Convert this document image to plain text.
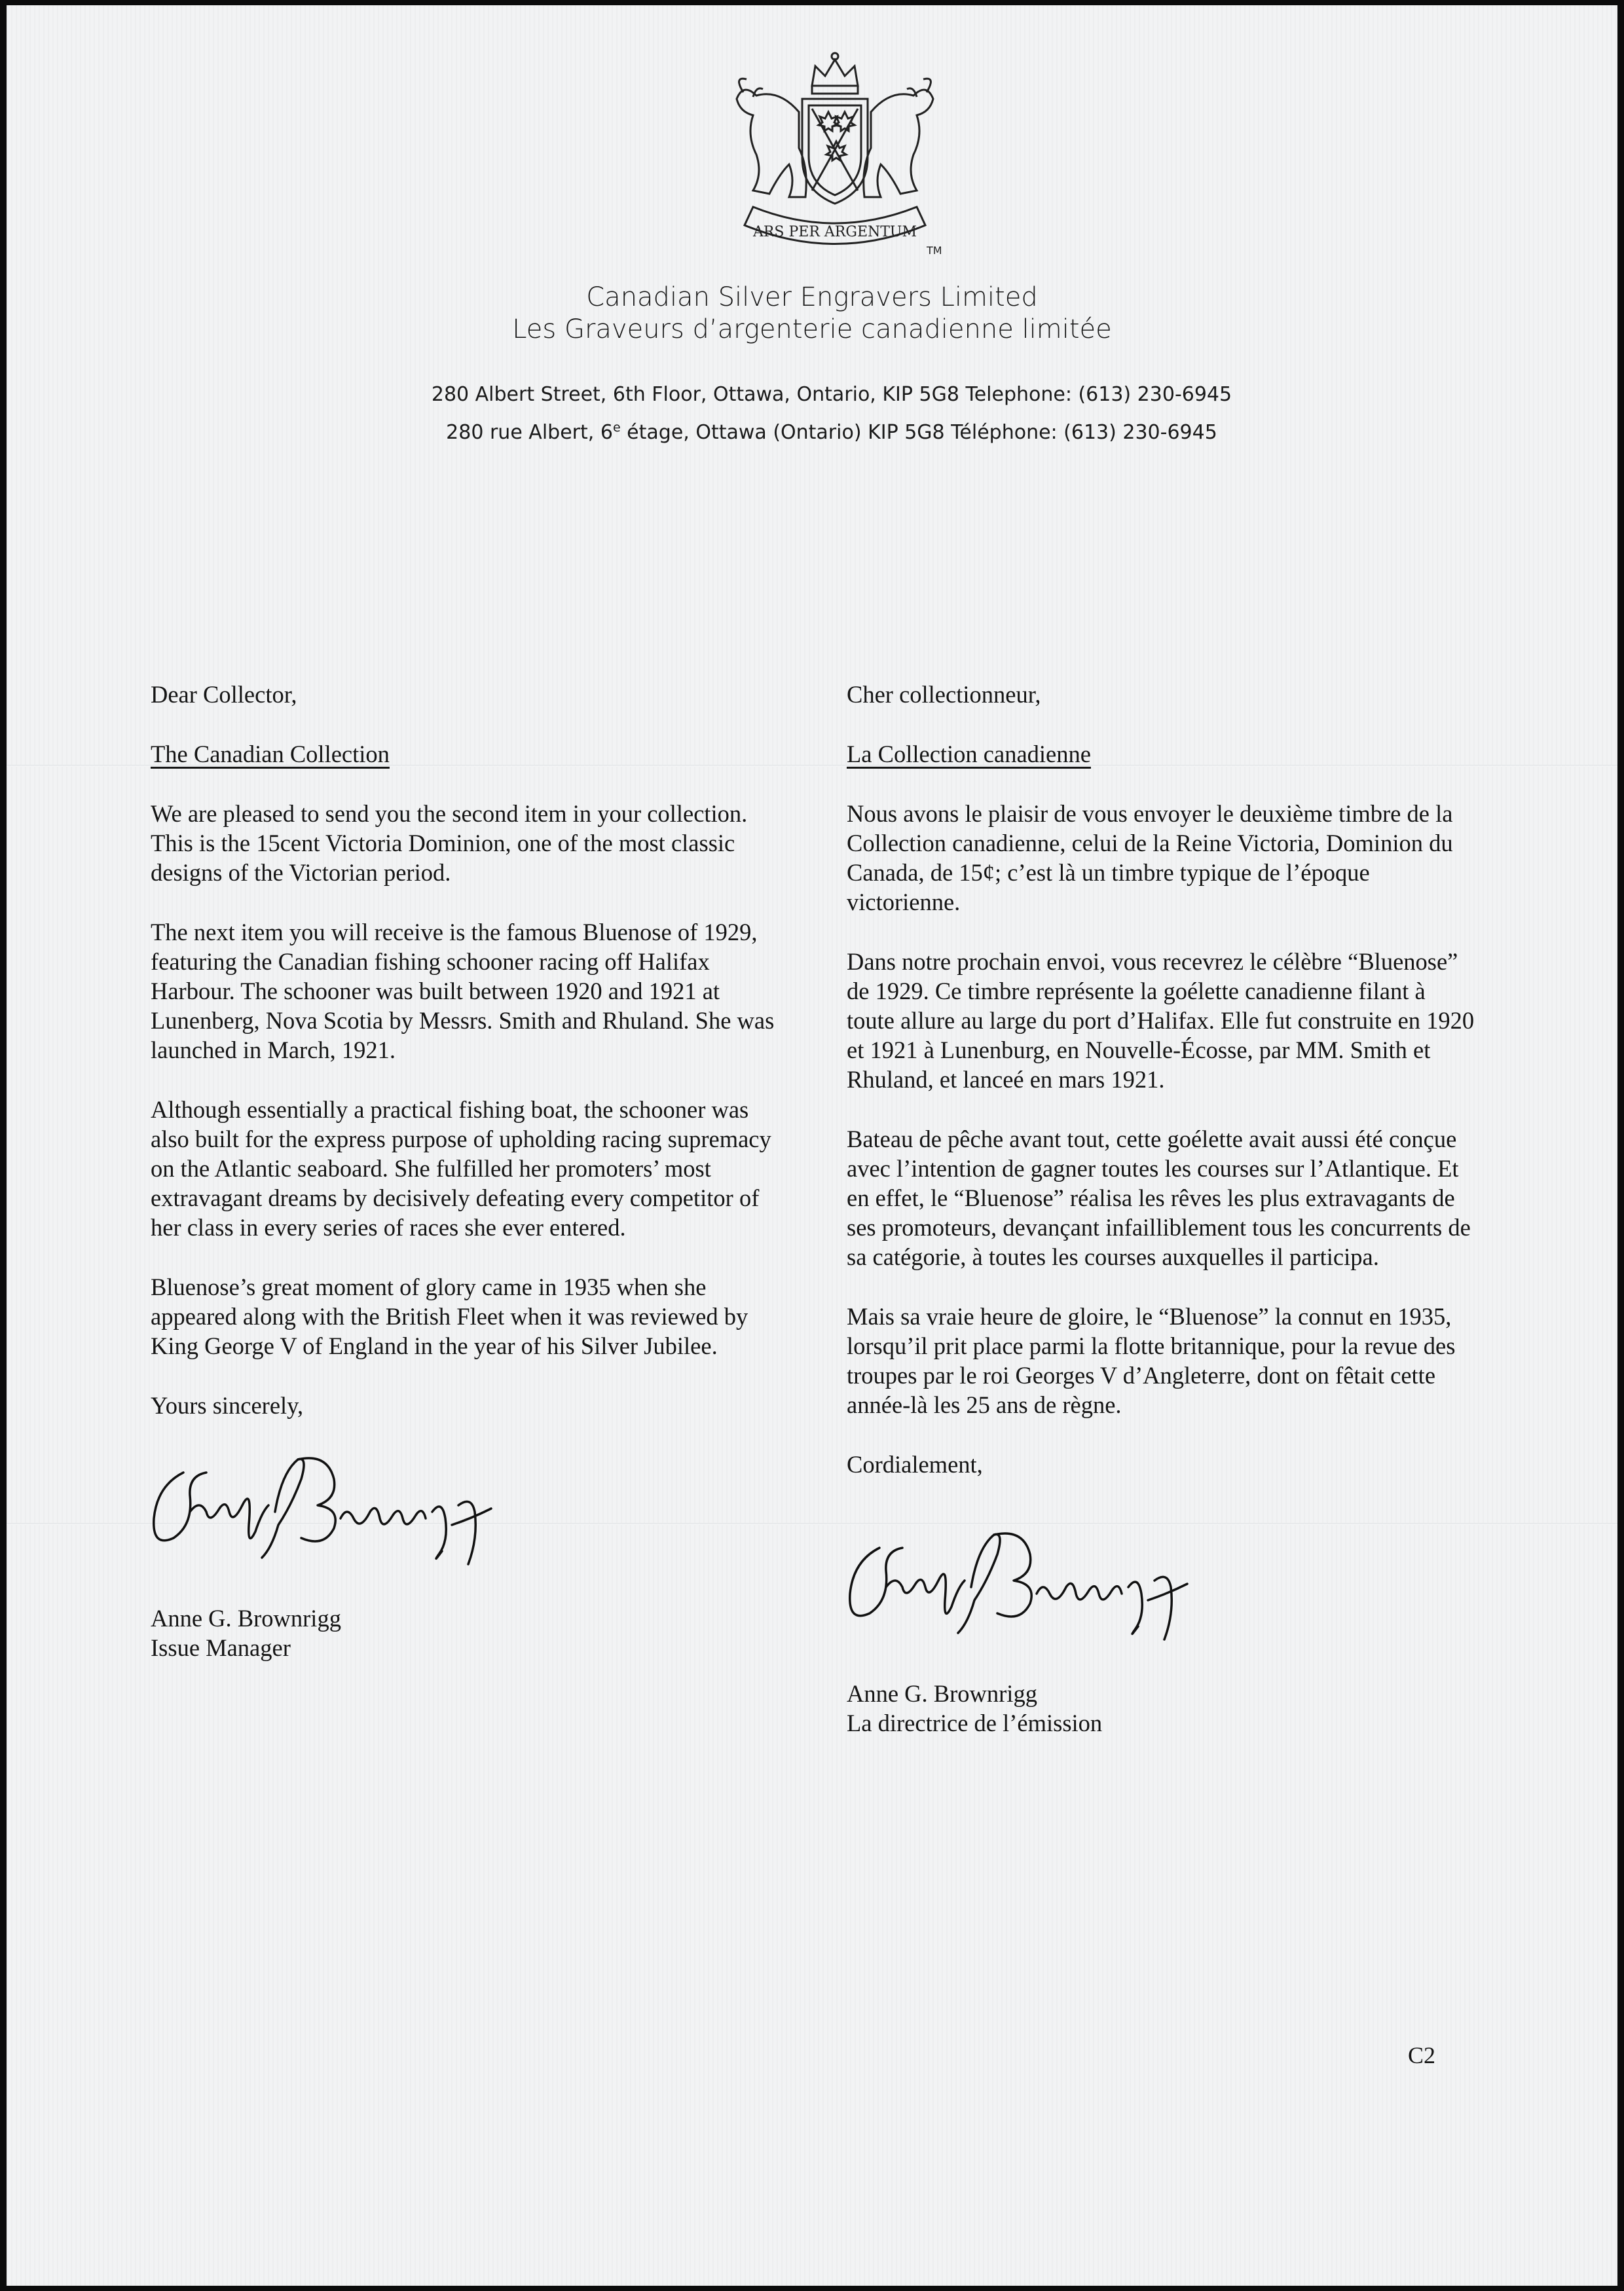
ARS PER ARGENTUM
TM
Canadian Silver Engravers Limited
Les Graveurs d’argenterie canadienne limitée
280 Albert Street, 6th Floor, Ottawa, Ontario, KIP 5G8 Telephone: (613) 230-6945
280 rue Albert, 6e étage, Ottawa (Ontario) KIP 5G8 Téléphone: (613) 230-6945

Dear Collector,

The Canadian Collection

We are pleased to send you the second item in your collection. This is the 15cent Victoria Dominion, one of the most classic designs of the Victorian period.

The next item you will receive is the famous Bluenose of 1929, featuring the Canadian fishing schooner racing off Halifax Harbour. The schooner was built between 1920 and 1921 at Lunenberg, Nova Scotia by Messrs. Smith and Rhuland. She was launched in March, 1921.

Although essentially a practical fishing boat, the schooner was also built for the express purpose of upholding racing supremacy on the Atlantic seaboard. She fulfilled her promoters’ most extravagant dreams by decisively defeating every competitor of her class in every series of races she ever entered.

Bluenose’s great moment of glory came in 1935 when she appeared along with the British Fleet when it was reviewed by King George V of England in the year of his Silver Jubilee.

Yours sincerely,

Anne G. Brownrigg
Issue Manager

Cher collectionneur,

La Collection canadienne

Nous avons le plaisir de vous envoyer le deuxième timbre de la Collection canadienne, celui de la Reine Victoria, Dominion du Canada, de 15¢; c’est là un timbre typique de l’époque victorienne.

Dans notre prochain envoi, vous recevrez le célèbre “Bluenose” de 1929. Ce timbre représente la goélette canadienne filant à toute allure au large du port d’Halifax. Elle fut construite en 1920 et 1921 à Lunenburg, en Nouvelle-Écosse, par MM. Smith et Rhuland, et lanceé en mars 1921.

Bateau de pêche avant tout, cette goélette avait aussi été conçue avec l’intention de gagner toutes les courses sur l’Atlantique. Et en effet, le “Bluenose” réalisa les rêves les plus extravagants de ses promoteurs, devançant infailliblement tous les concurrents de sa catégorie, à toutes les courses auxquelles il participa.

Mais sa vraie heure de gloire, le “Bluenose” la connut en 1935, lorsqu’il prit place parmi la flotte britannique, pour la revue des troupes par le roi Georges V d’Angleterre, dont on fêtait cette année-là les 25 ans de règne.

Cordialement,

Anne G. Brownrigg
La directrice de l’émission
C2
